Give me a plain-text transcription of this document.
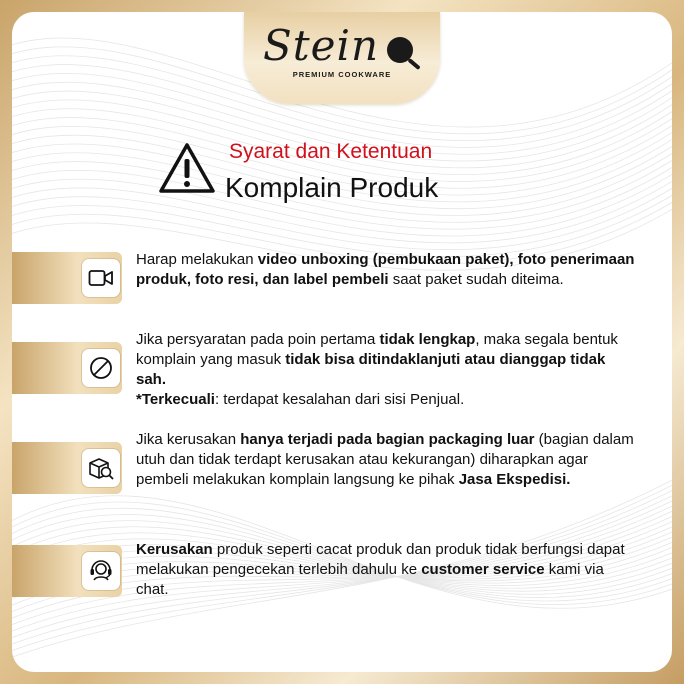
Stein
PREMIUM COOKWARE
Syarat dan Ketentuan
Komplain Produk
Harap melakukan video unboxing (pembukaan paket), foto penerimaan produk, foto resi, dan label pembeli saat paket sudah diteima.
Jika persyaratan pada poin pertama tidak lengkap, maka segala bentuk komplain yang masuk tidak bisa ditindaklanjuti atau dianggap tidak sah.
*Terkecuali: terdapat kesalahan dari sisi Penjual.
Jika kerusakan hanya terjadi pada bagian packaging luar (bagian dalam utuh dan tidak terdapt kerusakan atau kekurangan) diharapkan agar pembeli melakukan komplain langsung ke pihak Jasa Ekspedisi.
Kerusakan produk seperti cacat produk dan produk tidak berfungsi dapat melakukan pengecekan terlebih dahulu ke customer service kami via chat.
